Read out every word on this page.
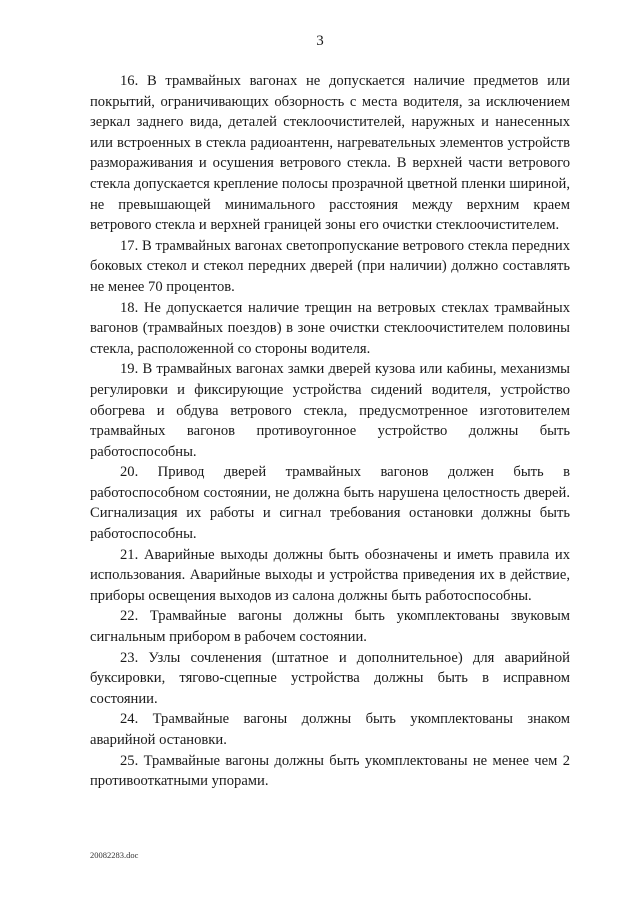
3

16. В трамвайных вагонах не допускается наличие предметов или покрытий, ограничивающих обзорность с места водителя, за исключением зеркал заднего вида, деталей стеклоочистителей, наружных и нанесенных или встроенных в стекла радиоантенн, нагревательных элементов устройств размораживания и осушения ветрового стекла. В верхней части ветрового стекла допускается крепление полосы прозрачной цветной пленки шириной, не превышающей минимального расстояния между верхним краем ветрового стекла и верхней границей зоны его очистки стеклоочистителем.

17. В трамвайных вагонах светопропускание ветрового стекла передних боковых стекол и стекол передних дверей (при наличии) должно составлять не менее 70 процентов.

18. Не допускается наличие трещин на ветровых стеклах трамвайных вагонов (трамвайных поездов) в зоне очистки стеклоочистителем половины стекла, расположенной со стороны водителя.

19. В трамвайных вагонах замки дверей кузова или кабины, механизмы регулировки и фиксирующие устройства сидений водителя, устройство обогрева и обдува ветрового стекла, предусмотренное изготовителем трамвайных вагонов противоугонное устройство должны быть работоспособны.

20. Привод дверей трамвайных вагонов должен быть в работоспособном состоянии, не должна быть нарушена целостность дверей. Сигнализация их работы и сигнал требования остановки должны быть работоспособны.

21. Аварийные выходы должны быть обозначены и иметь правила их использования. Аварийные выходы и устройства приведения их в действие, приборы освещения выходов из салона должны быть работоспособны.

22. Трамвайные вагоны должны быть укомплектованы звуковым сигнальным прибором в рабочем состоянии.

23. Узлы сочленения (штатное и дополнительное) для аварийной буксировки, тягово-сцепные устройства должны быть в исправном состоянии.

24. Трамвайные вагоны должны быть укомплектованы знаком аварийной остановки.

25. Трамвайные вагоны должны быть укомплектованы не менее чем 2 противооткатными упорами.

20082283.doc
